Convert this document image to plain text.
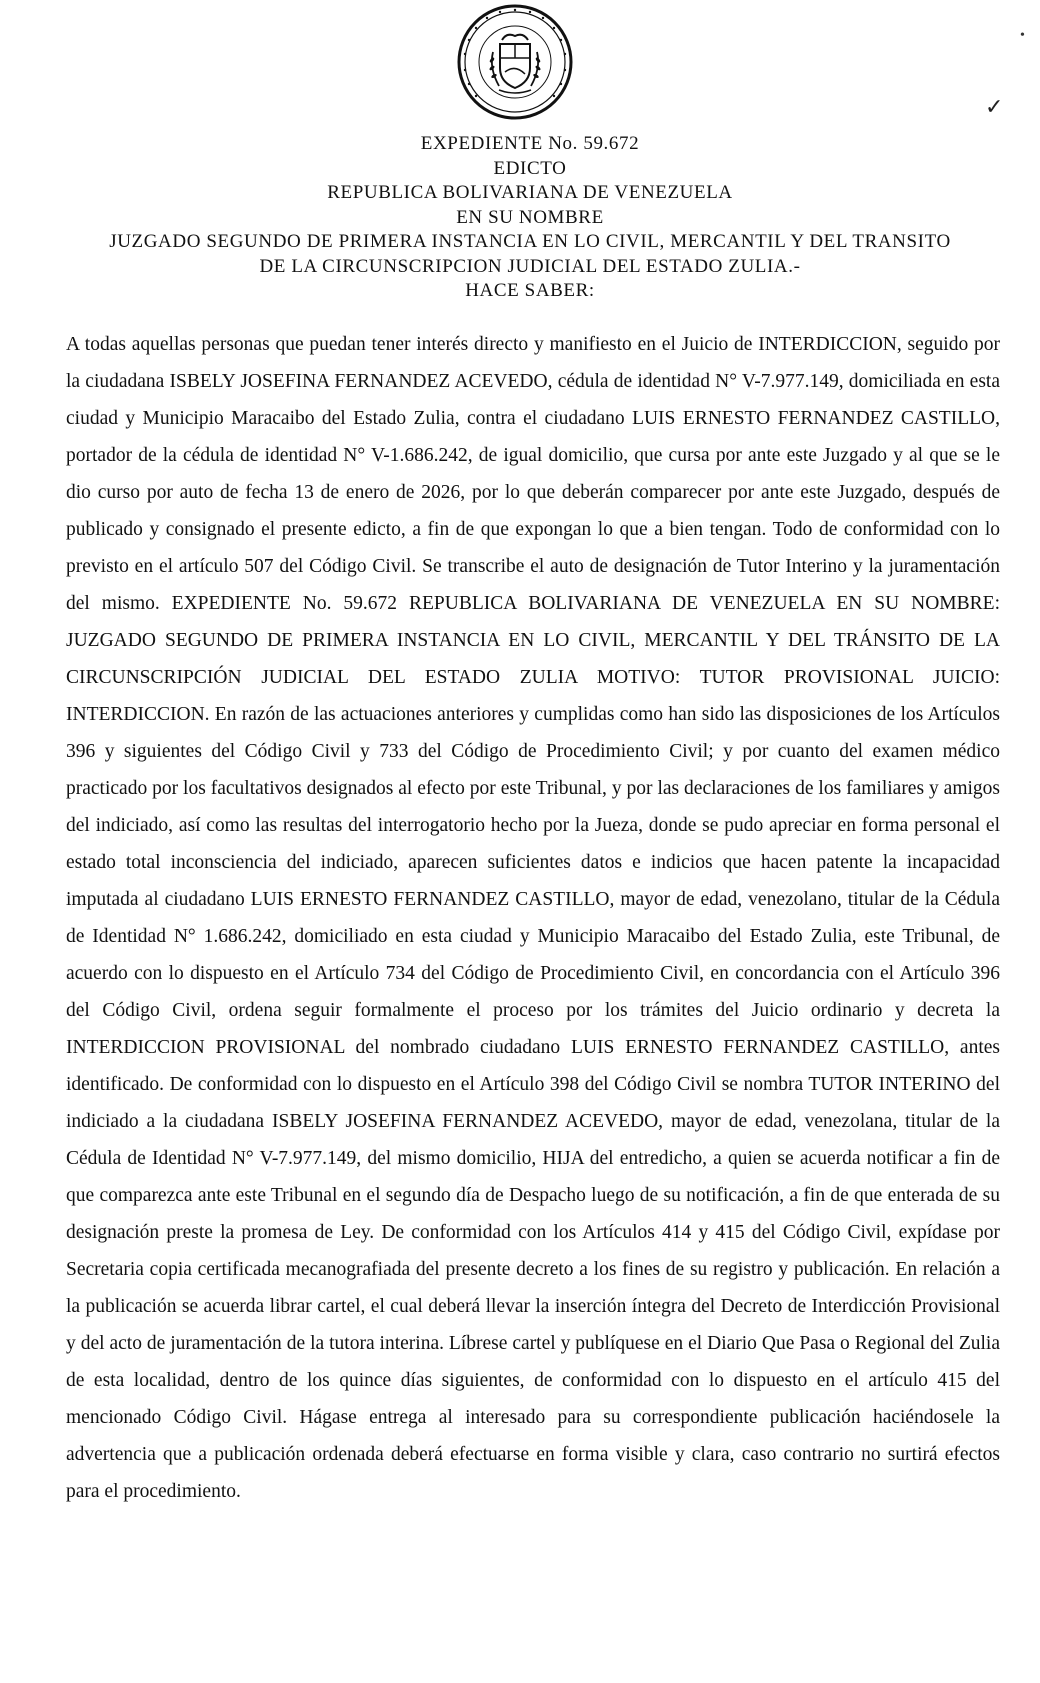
•
✓
EXPEDIENTE No. 59.672
EDICTO
REPUBLICA BOLIVARIANA DE VENEZUELA
EN SU NOMBRE
JUZGADO SEGUNDO DE PRIMERA INSTANCIA EN LO CIVIL, MERCANTIL Y DEL TRANSITO
DE LA CIRCUNSCRIPCION JUDICIAL DEL ESTADO ZULIA.-
HACE SABER:

A todas aquellas personas que puedan tener interés directo y manifiesto en el Juicio de INTERDICCION, seguido por la ciudadana ISBELY JOSEFINA FERNANDEZ ACEVEDO, cédula de identidad N° V-7.977.149, domiciliada en esta ciudad y Municipio Maracaibo del Estado Zulia, contra el ciudadano LUIS ERNESTO FERNANDEZ CASTILLO, portador de la cédula de identidad N° V-1.686.242, de igual domicilio, que cursa por ante este Juzgado y al que se le dio curso por auto de fecha 13 de enero de 2026, por lo que deberán comparecer por ante este Juzgado, después de publicado y consignado el presente edicto, a fin de que expongan lo que a bien tengan. Todo de conformidad con lo previsto en el artículo 507 del Código Civil. Se transcribe el auto de designación de Tutor Interino y la juramentación del mismo. EXPEDIENTE No. 59.672 REPUBLICA BOLIVARIANA DE VENEZUELA EN SU NOMBRE: JUZGADO SEGUNDO DE PRIMERA INSTANCIA EN LO CIVIL, MERCANTIL Y DEL TRÁNSITO DE LA CIRCUNSCRIPCIÓN JUDICIAL DEL ESTADO ZULIA MOTIVO: TUTOR PROVISIONAL JUICIO: INTERDICCION. En razón de las actuaciones anteriores y cumplidas como han sido las disposiciones de los Artículos 396 y siguientes del Código Civil y 733 del Código de Procedimiento Civil; y por cuanto del examen médico practicado por los facultativos designados al efecto por este Tribunal, y por las declaraciones de los familiares y amigos del indiciado, así como las resultas del interrogatorio hecho por la Jueza, donde se pudo apreciar en forma personal el estado total inconsciencia del indiciado, aparecen suficientes datos e indicios que hacen patente la incapacidad imputada al ciudadano LUIS ERNESTO FERNANDEZ CASTILLO, mayor de edad, venezolano, titular de la Cédula de Identidad N° 1.686.242, domiciliado en esta ciudad y Municipio Maracaibo del Estado Zulia, este Tribunal, de acuerdo con lo dispuesto en el Artículo 734 del Código de Procedimiento Civil, en concordancia con el Artículo 396 del Código Civil, ordena seguir formalmente el proceso por los trámites del Juicio ordinario y decreta la INTERDICCION PROVISIONAL del nombrado ciudadano LUIS ERNESTO FERNANDEZ CASTILLO, antes identificado. De conformidad con lo dispuesto en el Artículo 398 del Código Civil se nombra TUTOR INTERINO del indiciado a la ciudadana ISBELY JOSEFINA FERNANDEZ ACEVEDO, mayor de edad, venezolana, titular de la Cédula de Identidad N° V-7.977.149, del mismo domicilio, HIJA del entredicho, a quien se acuerda notificar a fin de que comparezca ante este Tribunal en el segundo día de Despacho luego de su notificación, a fin de que enterada de su designación preste la promesa de Ley. De conformidad con los Artículos 414 y 415 del Código Civil, expídase por Secretaria copia certificada mecanografiada del presente decreto a los fines de su registro y publicación. En relación a la publicación se acuerda librar cartel, el cual deberá llevar la inserción íntegra del Decreto de Interdicción Provisional y del acto de juramentación de la tutora interina. Líbrese cartel y publíquese en el Diario Que Pasa o Regional del Zulia de esta localidad, dentro de los quince días siguientes, de conformidad con lo dispuesto en el artículo 415 del mencionado Código Civil. Hágase entrega al interesado para su correspondiente publicación haciéndosele la advertencia que a publicación ordenada deberá efectuarse en forma visible y clara, caso contrario no surtirá efectos para el procedimiento.
